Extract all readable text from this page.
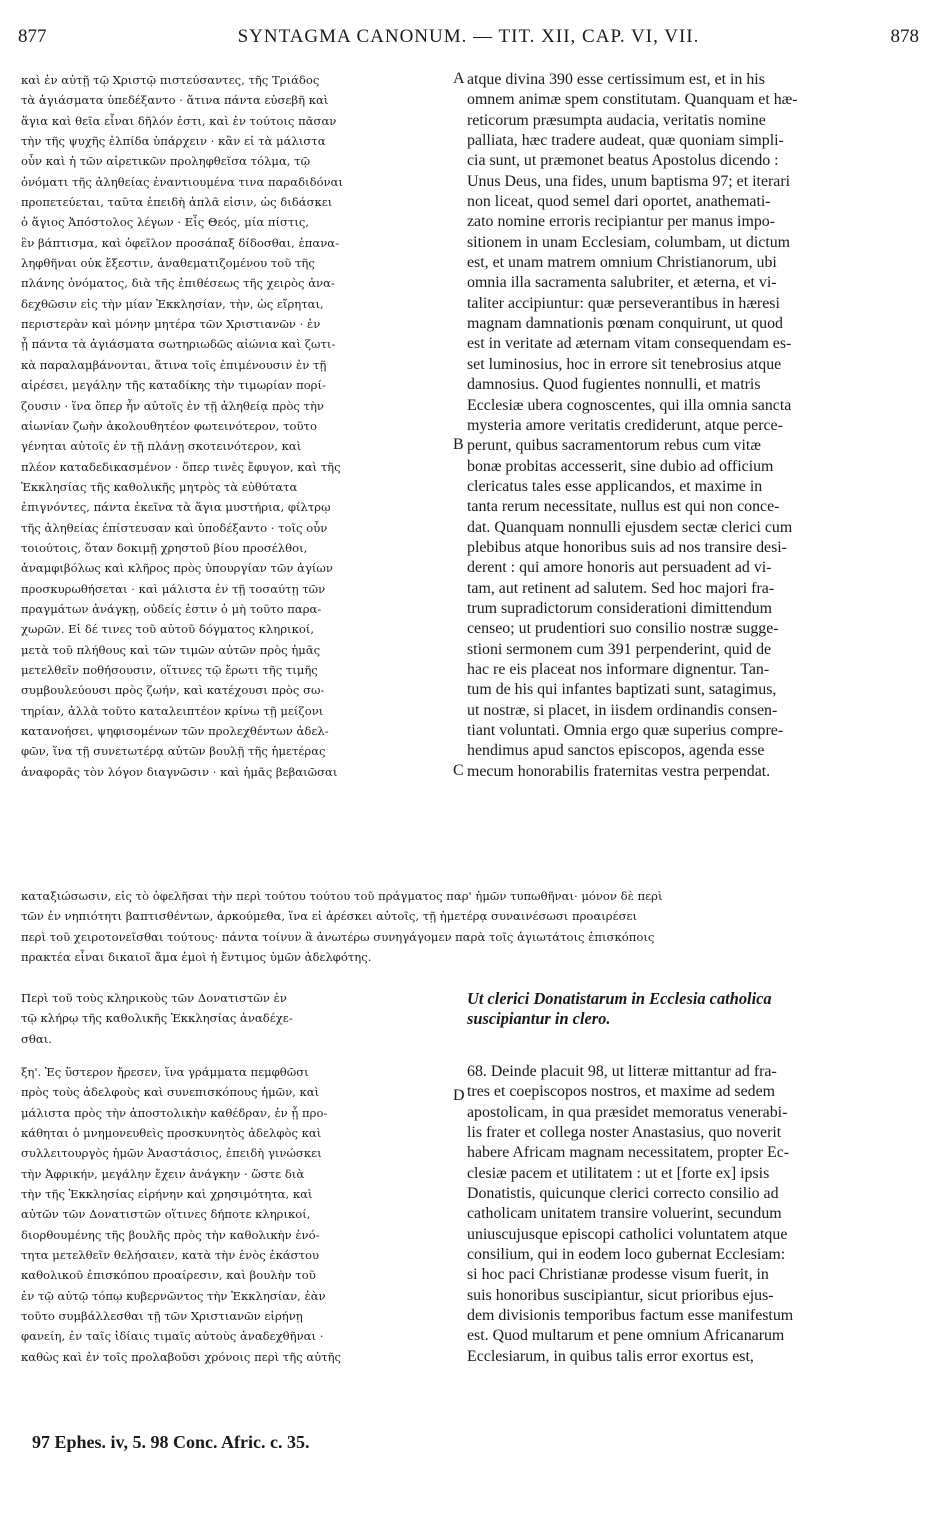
877	SYNTAGMA CANONUM. — TIT. XII, CAP. VI, VII.	878
καὶ ἐν αὐτῇ τῷ Χριστῷ πιστεύσαντες, τῆς Τριάδος
τὰ ἁγιάσματα ὑπεδέξαντο · ἅτινα πάντα εὐσεβῆ καὶ
ἅγια καὶ θεῖα εἶναι δῆλόν ἐστι, καὶ ἐν τούτοις πᾶσαν
τὴν τῆς ψυχῆς ἐλπίδα ὑπάρχειν · κἂν εἰ τὰ μάλιστα
οὖν καὶ ἡ τῶν αἱρετικῶν προληφθεῖσα τόλμα, τῷ
ὀνόματι τῆς ἀληθείας ἐναντιουμένα τινα παραδιδόναι
προπετεύεται, ταῦτα ἐπειδὴ ἁπλᾶ εἰσιν, ὡς διδάσκει
ὁ ἅγιος Ἀπόστολος λέγων · Εἷς Θεός, μία πίστις,
ἓν βάπτισμα, καὶ ὀφεῖλον προσάπαξ δίδοσθαι, ἐπανα-
ληφθῆναι οὐκ ἔξεστιν, ἀναθεματιζομένου τοῦ τῆς
πλάνης ὀνόματος, διὰ τῆς ἐπιθέσεως τῆς χειρὸς ἀνα-
δεχθῶσιν εἰς τὴν μίαν Ἐκκλησίαν, τὴν, ὡς εἴρηται,
περιστερὰν καὶ μόνην μητέρα τῶν Χριστιανῶν · ἐν
ᾗ πάντα τὰ ἁγιάσματα σωτηριωδῶς αἰώνια καὶ ζωτι-
κὰ παραλαμβάνονται, ἅτινα τοῖς ἐπιμένουσιν ἐν τῇ
αἱρέσει, μεγάλην τῆς καταδίκης τὴν τιμωρίαν πορί-
ζουσιν · ἵνα ὅπερ ἦν αὐτοῖς ἐν τῇ ἀληθείᾳ πρὸς τὴν
αἰωνίαν ζωὴν ἀκολουθητέον φωτεινότερον, τοῦτο
γένηται αὐτοῖς ἐν τῇ πλάνῃ σκοτεινότερον, καὶ
πλέον καταδεδικασμένον · ὅπερ τινὲς ἔφυγον, καὶ τῆς
Ἐκκλησίας τῆς καθολικῆς μητρὸς τὰ εὐθύτατα
ἐπιγνόντες, πάντα ἐκεῖνα τὰ ἅγια μυστήρια, φίλτρῳ
τῆς ἀληθείας ἐπίστευσαν καὶ ὑποδέξαντο · τοῖς οὖν
τοιούτοις, ὅταν δοκιμῇ χρηστοῦ βίου προσέλθοι,
ἀναμφιβόλως καὶ κλῆρος πρὸς ὑπουργίαν τῶν ἁγίων
προσκυρωθήσεται · καὶ μάλιστα ἐν τῇ τοσαύτῃ τῶν
πραγμάτων ἀνάγκῃ, οὐδείς ἐστιν ὁ μὴ τοῦτο παρα-
χωρῶν. Εἰ δέ τινες τοῦ αὐτοῦ δόγματος κληρικοί,
μετὰ τοῦ πλήθους καὶ τῶν τιμῶν αὐτῶν πρὸς ἡμᾶς
μετελθεῖν ποθήσουσιν, οἵτινες τῷ ἔρωτι τῆς τιμῆς
συμβουλεύουσι πρὸς ζωήν, καὶ κατέχουσι πρὸς σω-
τηρίαν, ἀλλὰ τοῦτο καταλειπτέον κρίνω τῇ μείζονι
κατανοήσει, ψηφισομένων τῶν προλεχθέντων ἀδελ-
φῶν, ἵνα τῇ συνετωτέρᾳ αὐτῶν βουλῇ τῆς ἡμετέρας
ἀναφορᾶς τὸν λόγον διαγνῶσιν · καὶ ἡμᾶς βεβαιῶσαι
atque divina 390 esse certissimum est, et in his
omnem animæ spem constitutam. Quanquam et hæ-
reticorum præsumpta audacia, veritatis nomine
palliata, hæc tradere audeat, quæ quoniam simpli-
cia sunt, ut præmonet beatus Apostolus dicendo :
Unus Deus, una fides, unum baptisma 97; et iterari
non liceat, quod semel dari oportet, anathemati-
zato nomine erroris recipiantur per manus impo-
sitionem in unam Ecclesiam, columbam, ut dictum
est, et unam matrem omnium Christianorum, ubi
omnia illa sacramenta salubriter, et æterna, et vi-
taliter accipiuntur: quæ perseverantibus in hæresi
magnam damnationis pœnam conquirunt, ut quod
est in veritate ad æternam vitam consequendam es-
set luminosius, hoc in errore sit tenebrosius atque
damnosius. Quod fugientes nonnulli, et matris
Ecclesiæ ubera cognoscentes, qui illa omnia sancta
mysteria amore veritatis crediderunt, atque perce-
perunt, quibus sacramentorum rebus cum vitæ
bonæ probitas accesserit, sine dubio ad officium
clericatus tales esse applicandos, et maxime in
tanta rerum necessitate, nullus est qui non conce-
dat. Quanquam nonnulli ejusdem sectæ clerici cum
plebibus atque honoribus suis ad nos transire desi-
derent : qui amore honoris aut persuadent ad vi-
tam, aut retinent ad salutem. Sed hoc majori fra-
trum supradictorum considerationi dimittendum
censeo; ut prudentiori suo consilio nostræ sugge-
stioni sermonem cum 391 perpenderint, quid de
hac re eis placeat nos informare dignentur. Tan-
tum de his qui infantes baptizati sunt, satagimus,
ut nostræ, si placet, in iisdem ordinandis consen-
tiant voluntati. Omnia ergo quæ superius compre-
hendimus apud sanctos episcopos, agenda esse
mecum honorabilis fraternitas vestra perpendat.
A
B
C
D
καταξιώσωσιν, εἰς τὸ ὀφελῆσαι τὴν περὶ τούτου τούτου τοῦ πράγματος παρ' ἡμῶν τυπωθῆναι· μόνον δὲ περὶ
τῶν ἐν νηπιότητι βαπτισθέντων, ἀρκούμεθα, ἵνα εἰ ἀρέσκει αὐτοῖς, τῇ ἡμετέρᾳ συναινέσωσι προαιρέσει
περὶ τοῦ χειροτονεῖσθαι τούτους· πάντα τοίνυν ἃ ἀνωτέρω συνηγάγομεν παρὰ τοῖς ἁγιωτάτοις ἐπισκόποις
πρακτέα εἶναι δικαιοῖ ἅμα ἐμοὶ ἡ ἔντιμος ὑμῶν ἀδελφότης.
Περὶ τοῦ τοὺς κληρικοὺς τῶν Δονατιστῶν ἐν
τῷ κλήρῳ τῆς καθολικῆς Ἐκκλησίας ἀναδέχε-
σθαι.
Ut clerici Donatistarum in Ecclesia catholica
suscipiantur in clero.
ξη'. Ἐς ὕστερον ἤρεσεν, ἵνα γράμματα πεμφθῶσι
πρὸς τοὺς ἀδελφοὺς καὶ συνεπισκόπους ἡμῶν, καὶ
μάλιστα πρὸς τὴν ἀποστολικὴν καθέδραν, ἐν ᾗ προ-
κάθηται ὁ μνημονευθεὶς προσκυνητὸς ἀδελφὸς καὶ
συλλειτουργὸς ἡμῶν Ἀναστάσιος, ἐπειδὴ γινώσκει
τὴν Ἀφρικήν, μεγάλην ἔχειν ἀνάγκην · ὥστε διὰ
τὴν τῆς Ἐκκλησίας εἰρήνην καὶ χρησιμότητα, καὶ
αὐτῶν τῶν Δονατιστῶν οἵτινες δήποτε κληρικοί,
διορθουμένης τῆς βουλῆς πρὸς τὴν καθολικὴν ἑνό-
τητα μετελθεῖν θελήσαιεν, κατὰ τὴν ἑνὸς ἑκάστου
καθολικοῦ ἐπισκόπου προαίρεσιν, καὶ βουλὴν τοῦ
ἐν τῷ αὐτῷ τόπῳ κυβερνῶντος τὴν Ἐκκλησίαν, ἐὰν
τοῦτο συμβάλλεσθαι τῇ τῶν Χριστιανῶν εἰρήνῃ
φανείη, ἐν ταῖς ἰδίαις τιμαῖς αὐτοὺς ἀναδεχθῆναι ·
καθὼς καὶ ἐν τοῖς προλαβοῦσι χρόνοις περὶ τῆς αὐτῆς
68. Deinde placuit 98, ut litteræ mittantur ad fra-
tres et coepiscopos nostros, et maxime ad sedem
apostolicam, in qua præsidet memoratus venerabi-
lis frater et collega noster Anastasius, quo noverit
habere Africam magnam necessitatem, propter Ec-
clesiæ pacem et utilitatem : ut et [forte ex] ipsis
Donatistis, quicunque clerici correcto consilio ad
catholicam unitatem transire voluerint, secundum
uniuscujusque episcopi catholici voluntatem atque
consilium, qui in eodem loco gubernat Ecclesiam:
si hoc paci Christianæ prodesse visum fuerit, in
suis honoribus suscipiantur, sicut prioribus ejus-
dem divisionis temporibus factum esse manifestum
est. Quod multarum et pene omnium Africanarum
Ecclesiarum, in quibus talis error exortus est,
97 Ephes. iv, 5. 98 Conc. Afric. c. 35.
